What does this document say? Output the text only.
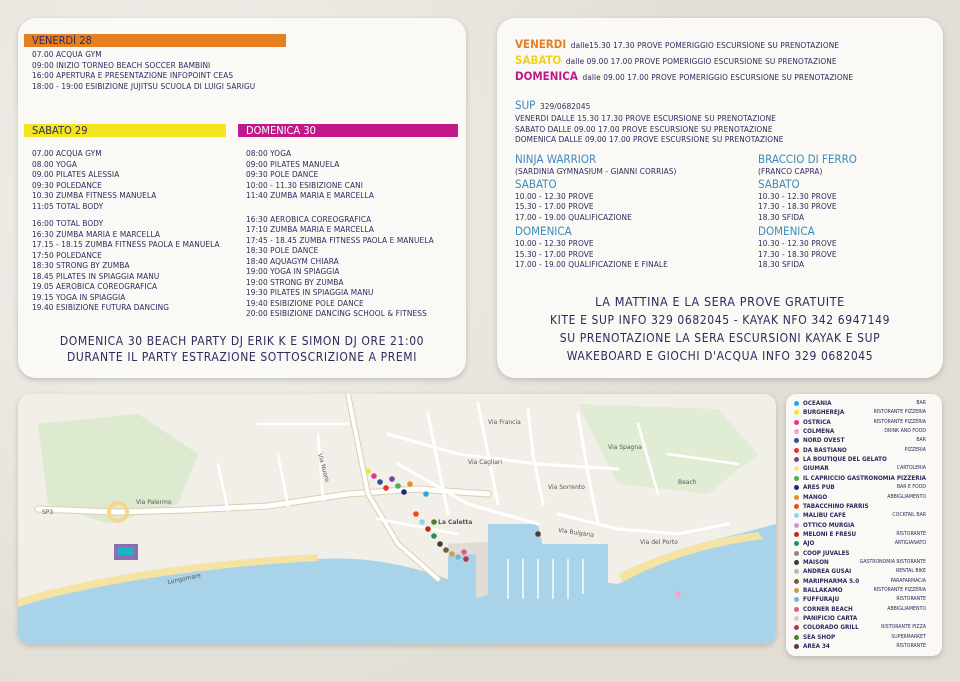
VENERDÌ 28
07.00 ACQUA GYM
09:00 INIZIO TORNEO BEACH SOCCER BAMBINI
16:00 APERTURA E PRESENTAZIONE INFOPOINT CEAS
18:00 - 19:00 ESIBIZIONE JUJITSU SCUOLA DI LUIGI SARIGU
SABATO 29
07.00 ACQUA GYM
08.00 YOGA
09.00 PILATES ALESSIA
09:30 POLEDANCE
10.30 ZUMBA FITNESS MANUELA
11:05 TOTAL BODY
16:00 TOTAL BODY
16:30 ZUMBA MARIA E MARCELLA
17.15 - 18.15 ZUMBA FITNESS PAOLA E MANUELA
17:50 POLEDANCE
18:30 STRONG BY ZUMBA
18.45 PILATES IN SPIAGGIA MANU
19.05 AEROBICA COREOGRAFICA
19.15 YOGA IN SPIAGGIA
19.40 ESIBIZIONE FUTURA DANCING
DOMENICA 30
08:00 YOGA
09:00 PILATES MANUELA
09:30 POLE DANCE
10:00 - 11.30 ESIBIZIONE CANI
11:40 ZUMBA MARIA E MARCELLA
16:30 AEROBICA COREOGRAFICA
17:10 ZUMBA MARIA E MARCELLA
17:45 - 18.45 ZUMBA FITNESS PAOLA E MANUELA
18:30 POLE DANCE
18:40 AQUAGYM CHIARA
19:00 YOGA IN SPIAGGIA
19:00 STRONG BY ZUMBA
19:30 PILATES IN SPIAGGIA MANU
19:40 ESIBIZIONE POLE DANCE
20:00 ESIBIZIONE DANCING SCHOOL & FITNESS
DOMENICA 30 BEACH PARTY DJ ERIK K E SIMON DJ ORE 21:00
DURANTE IL PARTY ESTRAZIONE SOTTOSCRIZIONE A PREMI
VENERDI dalle15.30 17.30 PROVE POMERIGGIO ESCURSIONE SU PRENOTAZIONE
SABATO dalle 09.00 17.00 PROVE POMERIGGIO ESCURSIONE SU PRENOTAZIONE
DOMENICA dalle 09.00 17.00 PROVE POMERIGGIO ESCURSIONE SU PRENOTAZIONE
SUP 329/0682045
VENERDI DALLE 15.30 17.30 PROVE ESCURSIONE SU PRENOTAZIONE
SABATO DALLE 09.00 17.00 PROVE ESCURSIONE SU PRENOTAZIONE
DOMENICA DALLE 09.00 17.00 PROVE ESCURSIONE SU PRENOTAZIONE
NINJA WARRIOR
(SARDINIA GYMNASIUM - GIANNI CORRIAS)
SABATO
10.00 - 12.30 PROVE
15.30 - 17.00 PROVE
17.00 - 19.00 QUALIFICAZIONE
DOMENICA
10.00 - 12.30 PROVE
15.30 - 17.00 PROVE
17.00 - 19.00 QUALIFICAZIONE E FINALE
BRACCIO DI FERRO
(FRANCO CAPRA)
SABATO
10.30 - 12.30 PROVE
17.30 - 18.30 PROVE
18.30 SFIDA
DOMENICA
10.30 - 12.30 PROVE
17.30 - 18.30 PROVE
18.30 SFIDA
LA MATTINA E LA SERA PROVE GRATUITE
KITE E SUP INFO 329 0682045 - KAYAK NFO 342 6947149
SU PRENOTAZIONE LA SERA ESCURSIONI KAYAK E SUP
WAKEBOARD E GIOCHI D'ACQUA INFO 329 0682045
Via Palermo
Via Nuoro	Via Cagliari
Via Bulgaria
Via Sorrento
Via Spagna
Via Francia
La Caletta
SP3
Beach
Lungomare
Via del Porto
OCEANIA	BAR
BURGHEREJA	RISTORANTE PIZZERIA
OSTRICA	RISTORANTE PIZZERIA
COLMENA	DRINK AND FOOD
NORD OVEST	BAR
DA BASTIANO	PIZZERIA
LA BOUTIQUE DEL GELATO
GIUMAR	CARTOLERIA
IL CAPRICCIO GASTRONOMIA PIZZERIA
ARES PUB	BAR E FOOD
MANGO	ABBIGLIAMENTO
TABACCHINO FARRIS
MALIBU CAFE	COCKTAIL BAR
OTTICO MURGIA
MELONI E FRESU	RISTORANTE
AJO	ARTIGIANATO
COOP JUVALES
MAISON	GASTRONOMIA RISTORANTE
ANDREA GUSAI	RENTAL BIKE
MARIPHARMA 5.0	PARAFARMACIA
BALLAKAMO	RISTORANTE PIZZERIA
FUFFURAJU	RISTORANTE
CORNER BEACH	ABBIGLIAMENTO
PANIFICIO CARTA
COLORADO GRILL	RISTORANTE PIZZA
SEA SHOP	SUPERMARKET
AREA 34	RISTORANTE
